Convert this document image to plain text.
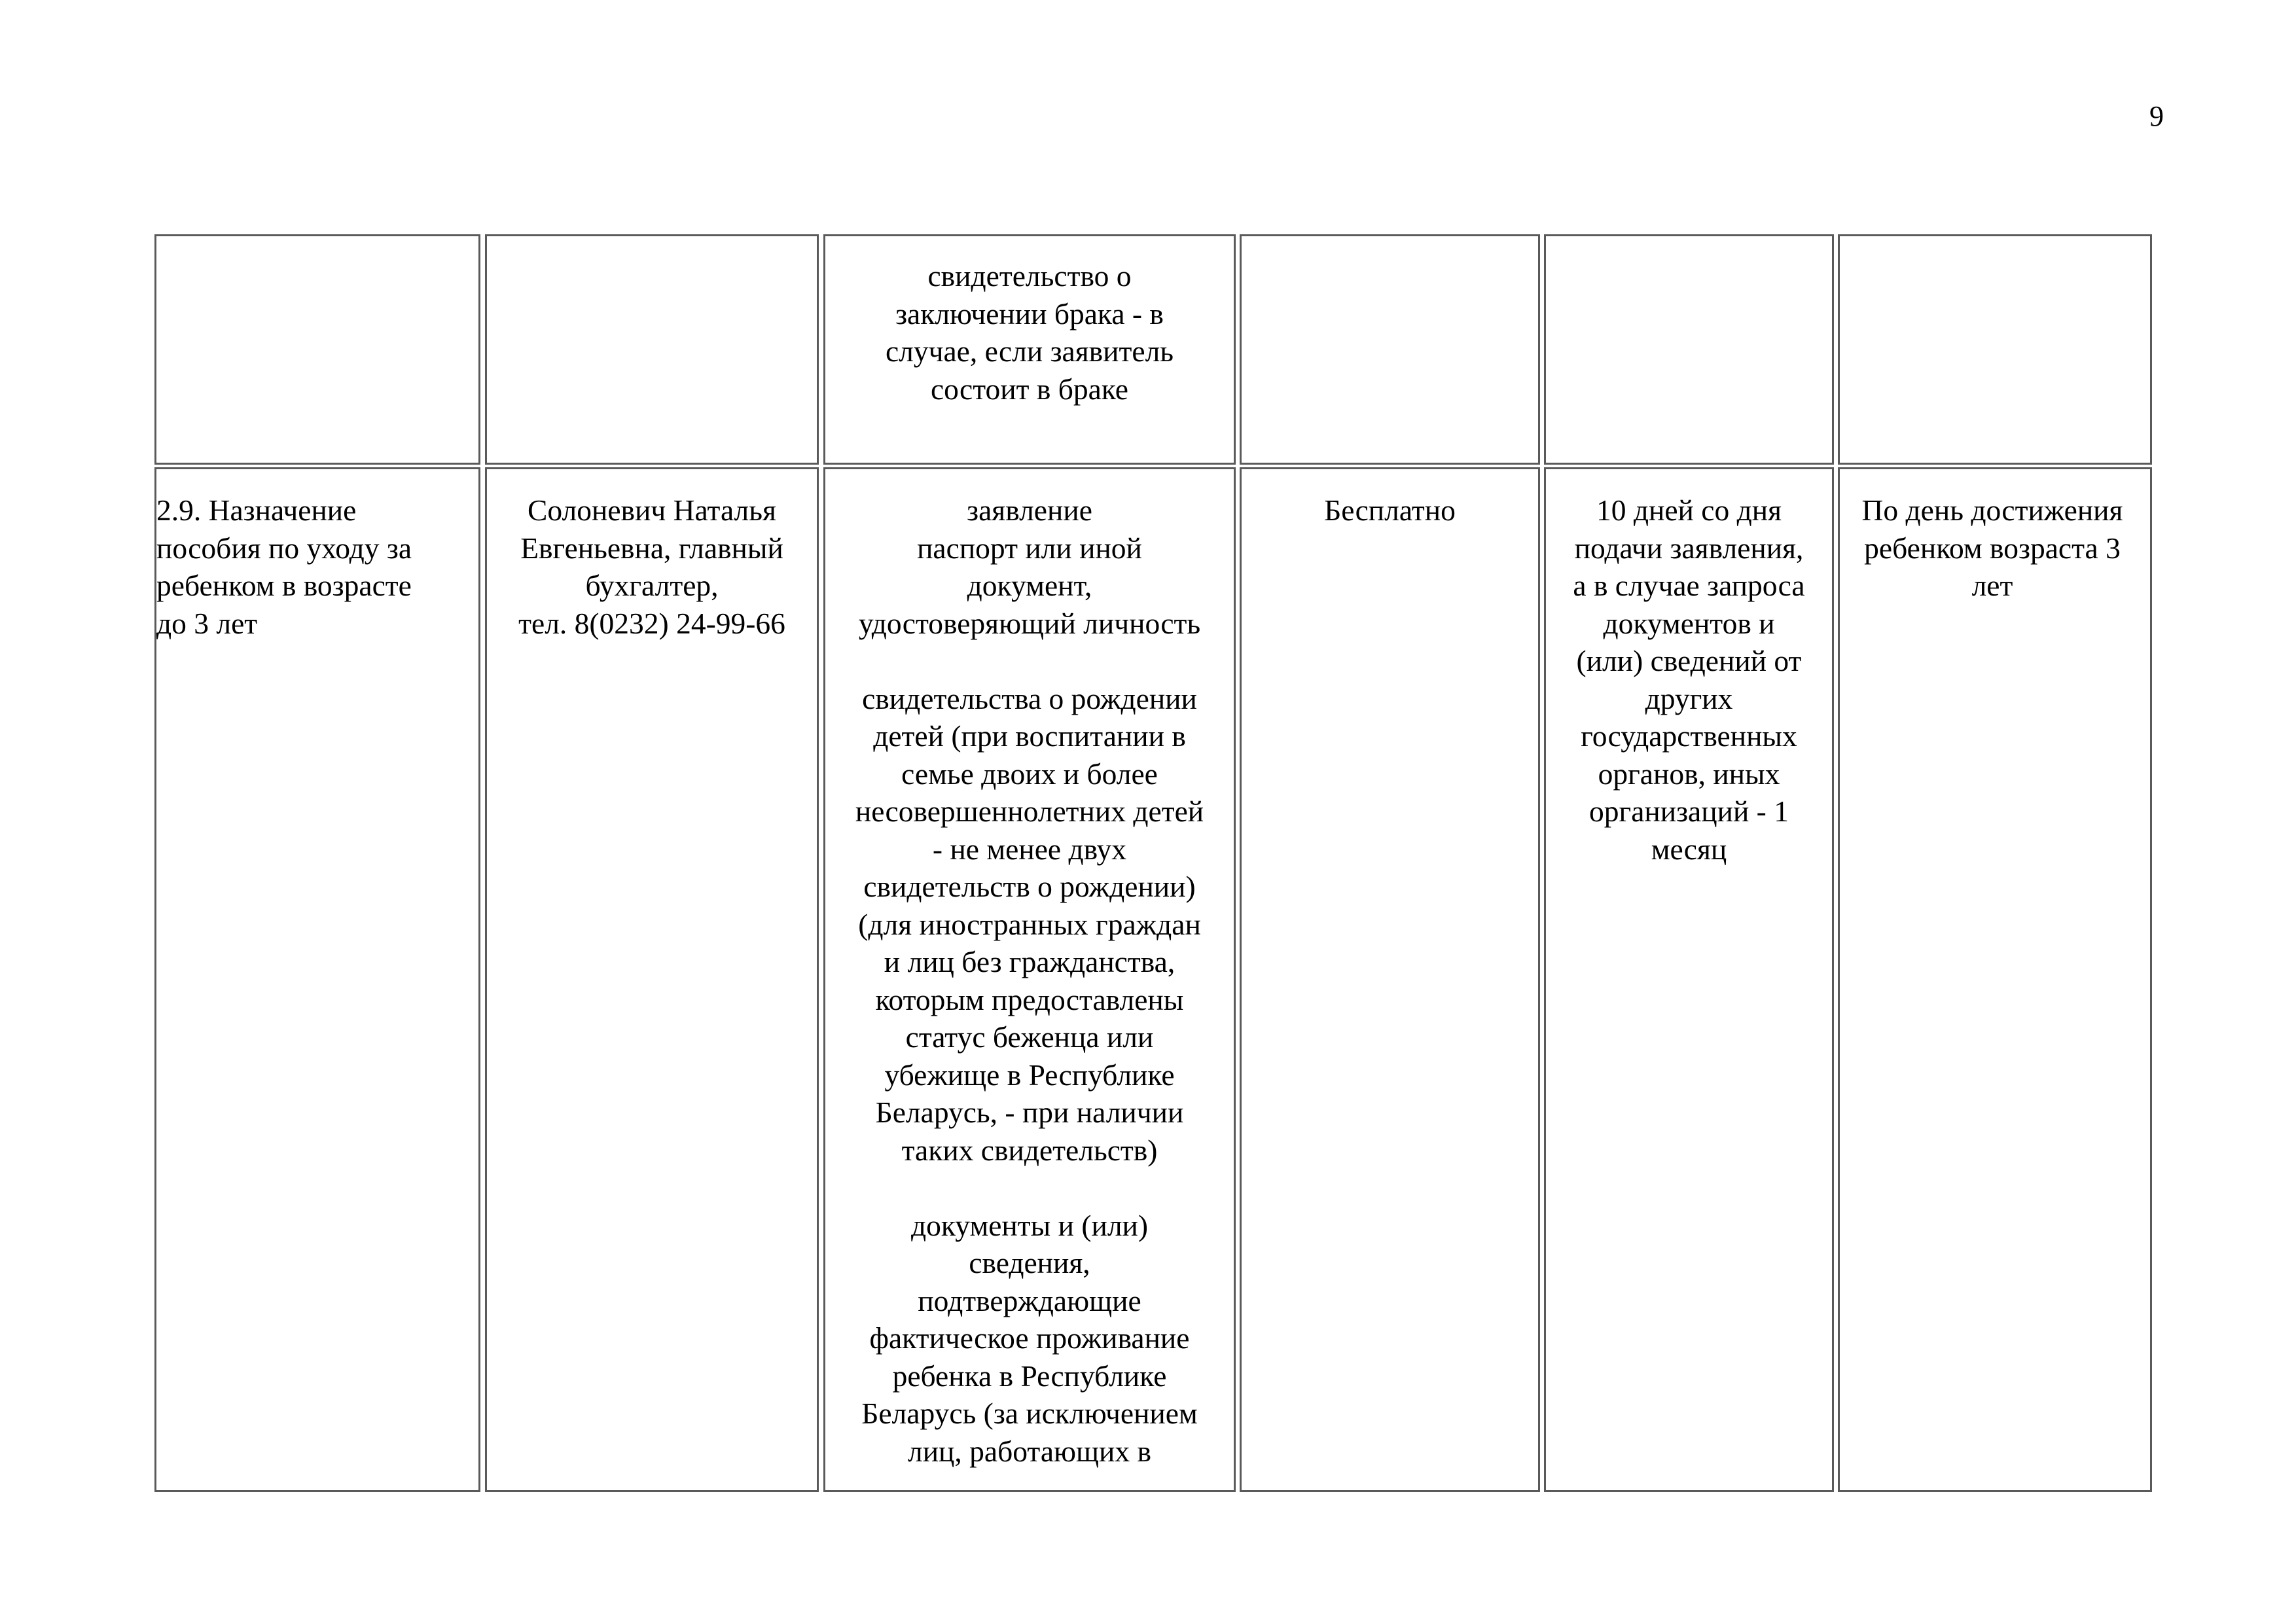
9
свидетельство о
заключении брака - в
случае, если заявитель
состоит в браке
2.9. Назначение
пособия по уходу за
ребенком в возрасте
до 3 лет
Солоневич Наталья
Евгеньевна, главный
бухгалтер,
тел. 8(0232) 24-99-66
заявление
паспорт или иной
документ,
удостоверяющий личность

свидетельства о рождении
детей (при воспитании в
семье двоих и более
несовершеннолетних детей
- не менее двух
свидетельств о рождении)
(для иностранных граждан
и лиц без гражданства,
которым предоставлены
статус беженца или
убежище в Республике
Беларусь, - при наличии
таких свидетельств)

документы и (или)
сведения,
подтверждающие
фактическое проживание
ребенка в Республике
Беларусь (за исключением
лиц, работающих в
Бесплатно	10 дней со дня
подачи заявления,
а в случае запроса
документов и
(или) сведений от
других
государственных
органов, иных
организаций - 1
месяц
По день достижения
ребенком возраста 3
лет
